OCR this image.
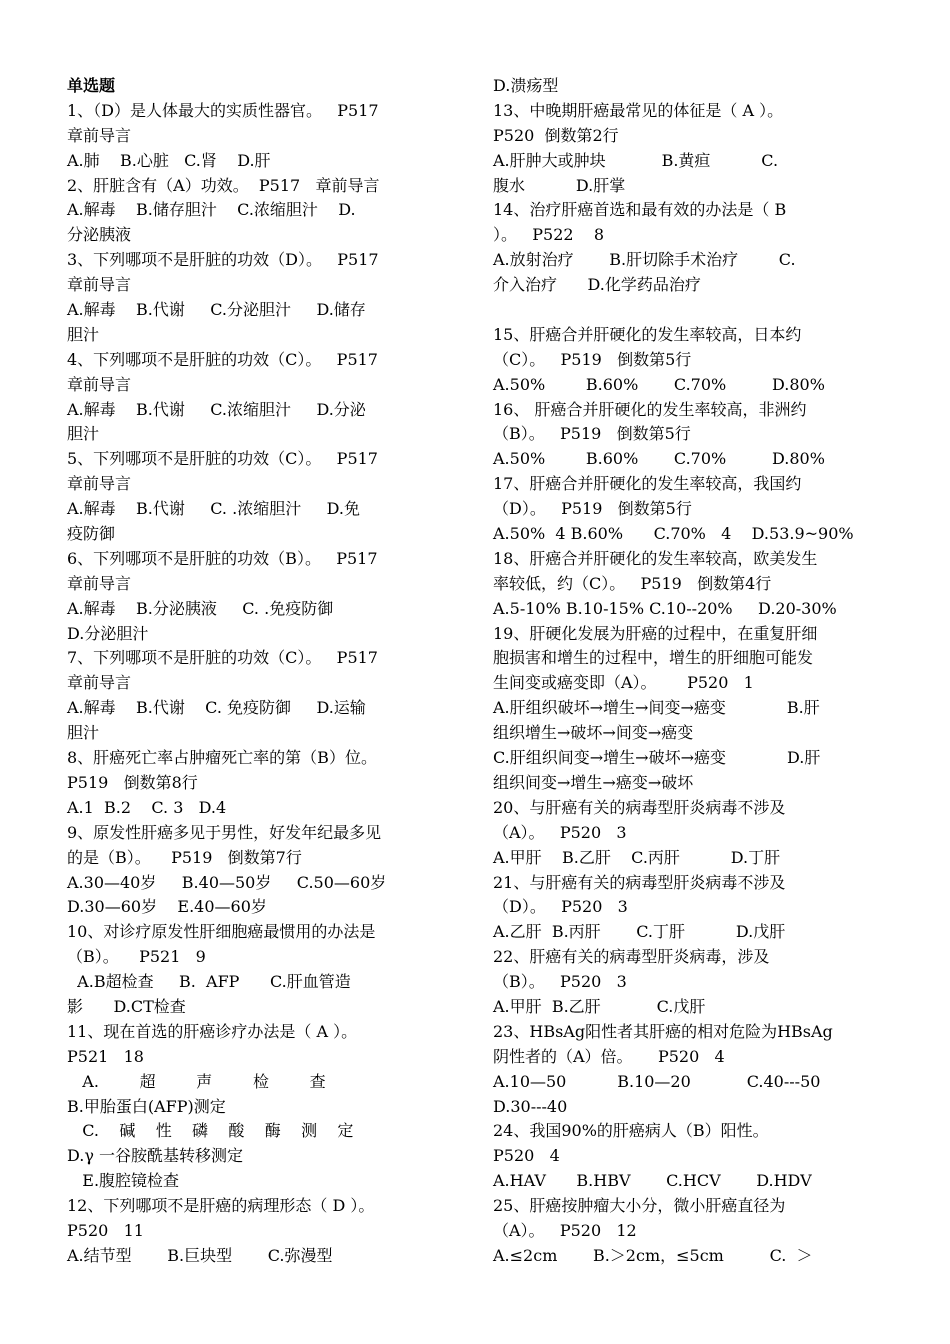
单选题
1、（D）是人体最大的实质性器官。   P517
章前导言
A.肺    B.心脏   C.肾    D.肝
2、肝脏含有（A）功效。  P517   章前导言
A.解毒    B.储存胆汁    C.浓缩胆汁    D.
分泌胰液
3、下列哪项不是肝脏的功效（D）。   P517
章前导言
A.解毒    B.代谢     C.分泌胆汁     D.储存
胆汁
4、下列哪项不是肝脏的功效（C）。   P517
章前导言
A.解毒    B.代谢     C.浓缩胆汁     D.分泌
胆汁
5、下列哪项不是肝脏的功效（C）。   P517
章前导言
A.解毒    B.代谢     C. .浓缩胆汁     D.免
疫防御
6、下列哪项不是肝脏的功效（B）。   P517
章前导言
A.解毒    B.分泌胰液     C. .免疫防御
D.分泌胆汁
7、下列哪项不是肝脏的功效（C）。   P517
章前导言
A.解毒    B.代谢    C. 免疫防御     D.运输
胆汁
8、肝癌死亡率占肿瘤死亡率的第（B）位。
P519   倒数第8行
A.1  B.2    C. 3   D.4
9、原发性肝癌多见于男性，好发年纪最多见
的是（B）。    P519   倒数第7行
A.30—40岁     B.40—50岁     C.50—60岁
D.30—60岁    E.40—60岁
10、对诊疗原发性肝细胞癌最惯用的办法是
（B）。    P521   9
A.B超检查     B.  AFP      C.肝血管造
影      D.CT检查
11、现在首选的肝癌诊疗办法是（ A ）。
P521   18
A.        超        声        检        查
B.甲胎蛋白(AFP)测定
C.    碱    性    磷    酸    酶    测    定
D.γ 一谷胺酰基转移测定
E.腹腔镜检查
12、下列哪项不是肝癌的病理形态（ D ）。
P520   11
A.结节型       B.巨块型       C.弥漫型
D.溃疡型
13、中晚期肝癌最常见的体征是（ A ）。
P520  倒数第2行
A.肝肿大或肿块           B.黄疸          C.
腹水          D.肝掌
14、治疗肝癌首选和最有效的办法是（ B
）。   P522    8
A.放射治疗       B.肝切除手术治疗        C.
介入治疗      D.化学药品治疗
15、肝癌合并肝硬化的发生率较高，日本约
（C）。   P519   倒数第5行
A.50%        B.60%       C.70%         D.80%
16、 肝癌合并肝硬化的发生率较高，非洲约
（B）。   P519   倒数第5行
A.50%        B.60%       C.70%         D.80%
17、肝癌合并肝硬化的发生率较高，我国约
（D）。   P519   倒数第5行
A.50%  4 B.60%      C.70%   4    D.53.9~90%
18、肝癌合并肝硬化的发生率较高，欧美发生
率较低，约（C）。   P519   倒数第4行
A.5-10% B.10-15% C.10--20%     D.20-30%
19、肝硬化发展为肝癌的过程中，在重复肝细
胞损害和增生的过程中，增生的肝细胞可能发
生间变或癌变即（A）。      P520   1
A.肝组织破坏→增生→间变→癌变            B.肝
组织增生→破坏→间变→癌变
C.肝组织间变→增生→破坏→癌变            D.肝
组织间变→增生→癌变→破坏
20、与肝癌有关的病毒型肝炎病毒不涉及
（A）。   P520   3
A.甲肝    B.乙肝    C.丙肝          D.丁肝
21、与肝癌有关的病毒型肝炎病毒不涉及
（D）。   P520   3
A.乙肝  B.丙肝       C.丁肝          D.戊肝
22、肝癌有关的病毒型肝炎病毒，涉及
（B）。   P520   3
A.甲肝  B.乙肝           C.戊肝
23、HBsAg阳性者其肝癌的相对危险为HBsAg
阴性者的（A）倍。     P520   4
A.10—50          B.10—20           C.40---50
D.30---40
24、我国90%的肝癌病人（B）阳性。
P520   4
A.HAV      B.HBV       C.HCV       D.HDV
25、肝癌按肿瘤大小分，微小肝癌直径为
（A）。   P520   12
A.≤2cm       B.＞2cm，≤5cm         C.  ＞
